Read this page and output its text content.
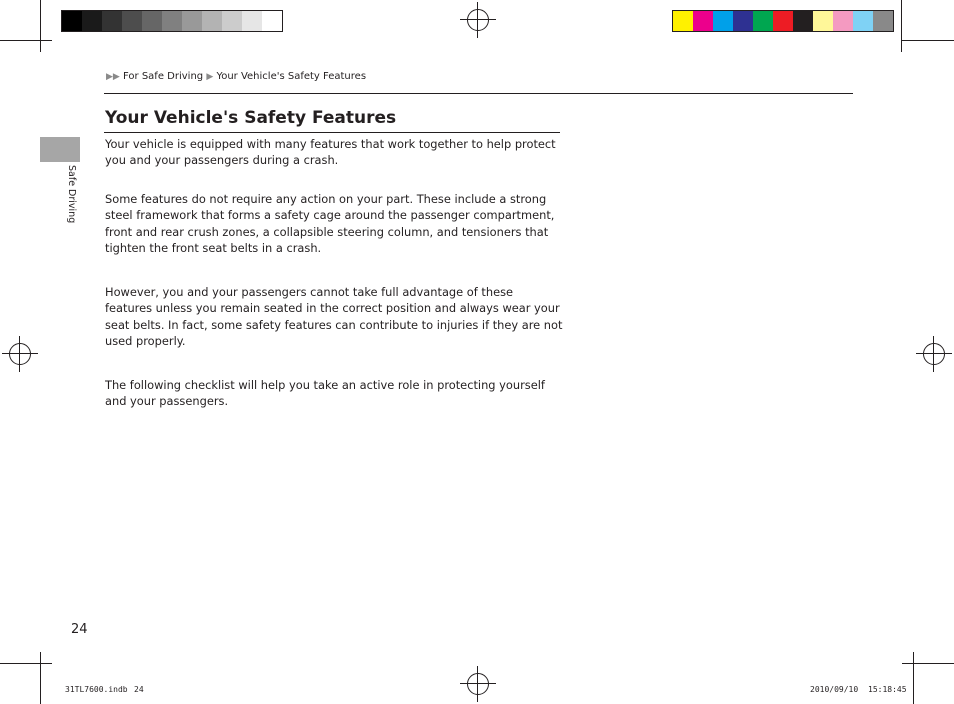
▶▶ For Safe Driving ▶ Your Vehicle's Safety Features
Safe Driving
Your Vehicle's Safety Features

Your vehicle is equipped with many features that work together to help protect you and your passengers during a crash.

Some features do not require any action on your part. These include a strong steel framework that forms a safety cage around the passenger compartment, front and rear crush zones, a collapsible steering column, and tensioners that tighten the front seat belts in a crash.

However, you and your passengers cannot take full advantage of these features unless you remain seated in the correct position and always wear your seat belts. In fact, some safety features can contribute to injuries if they are not used properly.

The following checklist will help you take an active role in protecting yourself and your passengers.

24
31TL7600.indb 24	2010/09/10 15:18:45
